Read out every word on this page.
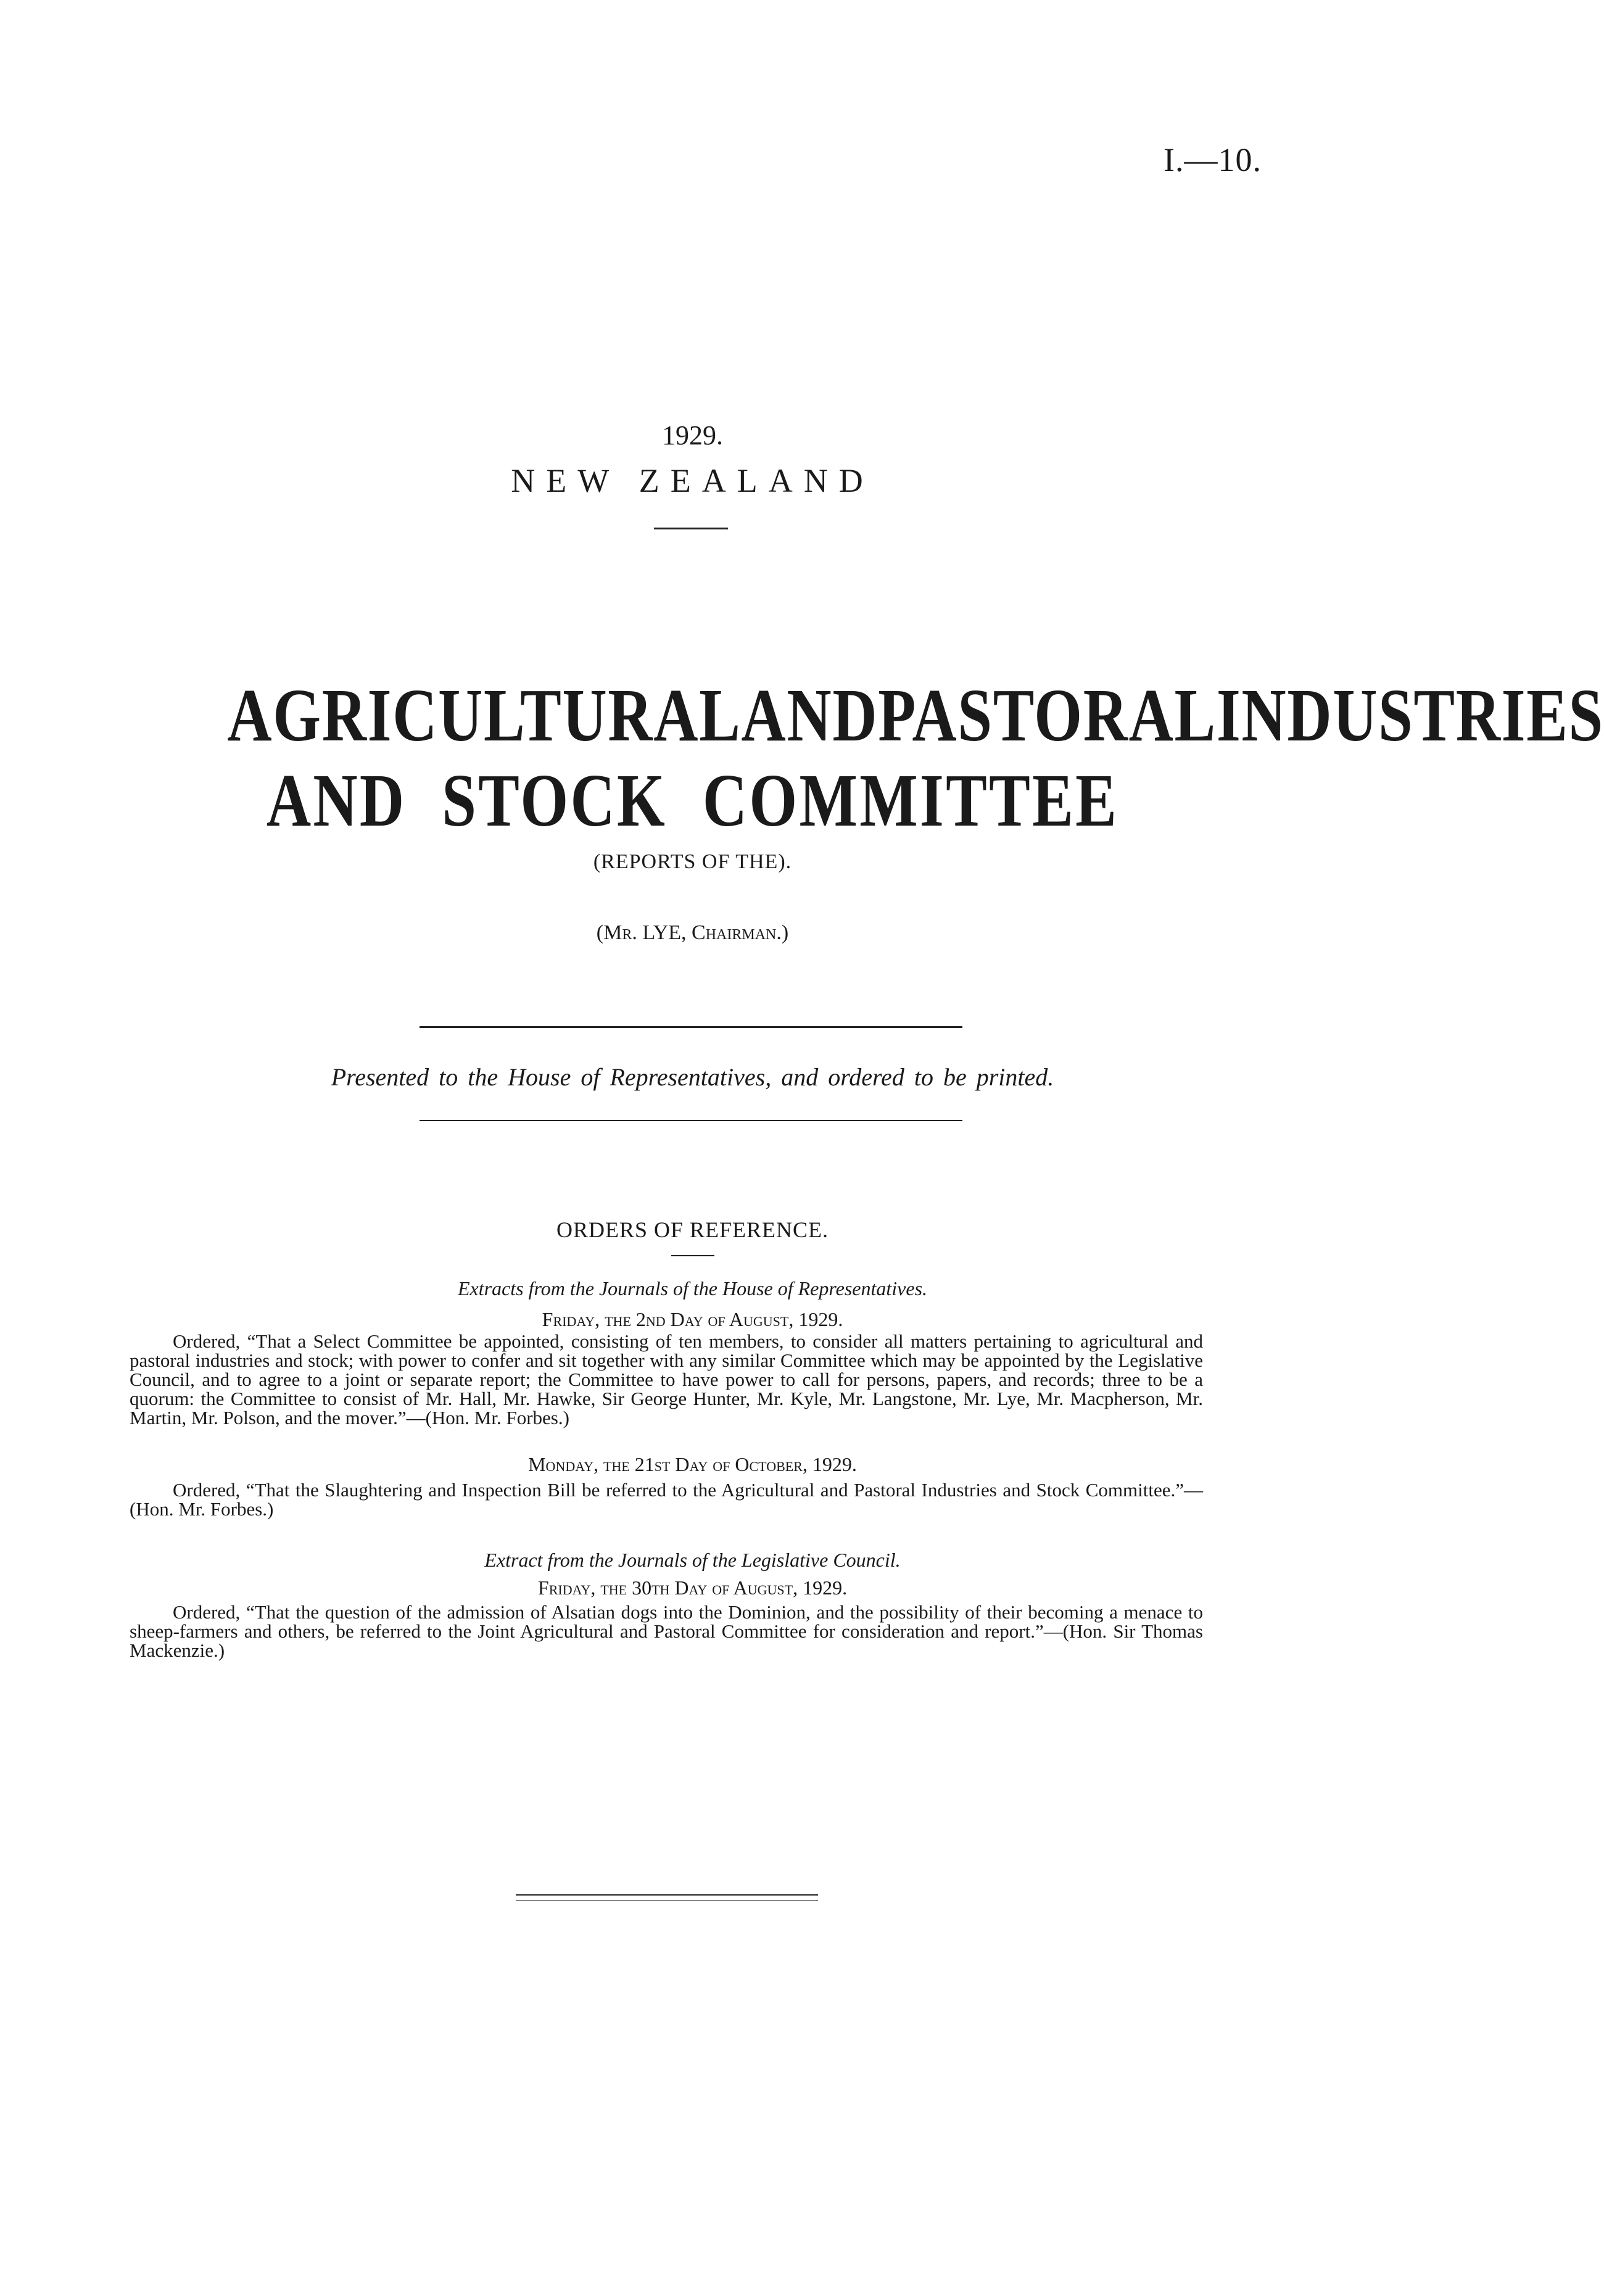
I.—10.
1929.
NEW ZEALAND
AGRICULTURAL AND PASTORAL INDUSTRIES
AND STOCK COMMITTEE
(REPORTS OF THE).
(Mr. LYE, Chairman.)
Presented to the House of Representatives, and ordered to be printed.
ORDERS OF REFERENCE.
Extracts from the Journals of the House of Representatives.
Friday, the 2nd Day of August, 1929.
Ordered, “That a Select Committee be appointed, consisting of ten members, to consider all matters pertaining to agricultural and pastoral industries and stock; with power to confer and sit together with any similar Committee which may be appointed by the Legislative Council, and to agree to a joint or separate report; the Committee to have power to call for persons, papers, and records; three to be a quorum: the Committee to consist of Mr. Hall, Mr. Hawke, Sir George Hunter, Mr. Kyle, Mr. Langstone, Mr. Lye, Mr. Macpherson, Mr. Martin, Mr. Polson, and the mover.”—(Hon. Mr. Forbes.)
Monday, the 21st Day of October, 1929.
Ordered, “That the Slaughtering and Inspection Bill be referred to the Agricultural and Pastoral Industries and Stock Committee.”—(Hon. Mr. Forbes.)
Extract from the Journals of the Legislative Council.
Friday, the 30th Day of August, 1929.
Ordered, “That the question of the admission of Alsatian dogs into the Dominion, and the possibility of their becoming a menace to sheep-farmers and others, be referred to the Joint Agricultural and Pastoral Committee for consideration and report.”—(Hon. Sir Thomas Mackenzie.)
